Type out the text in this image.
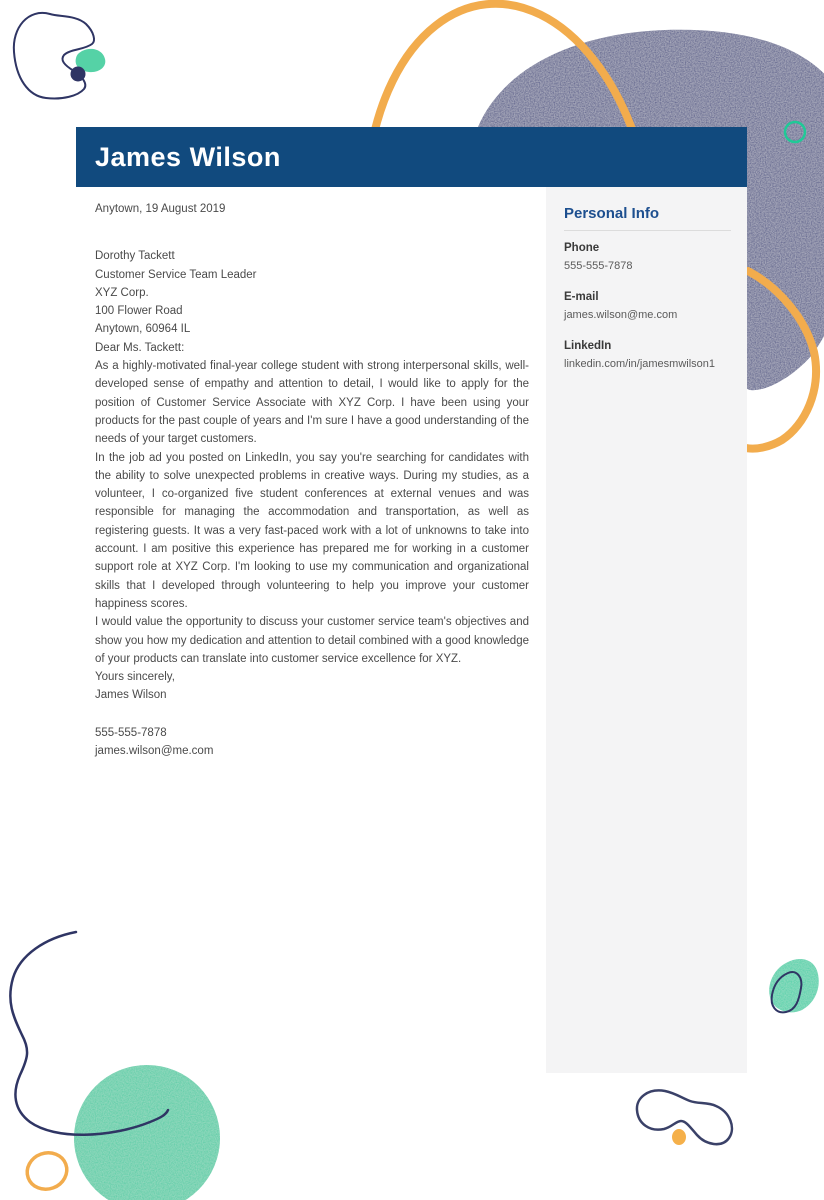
James Wilson
Personal Info
Phone
555-555-7878
E-mail
james.wilson@me.com
LinkedIn
linkedin.com/in/jamesmwilson1

Anytown, 19 August 2019

Dorothy Tackett

Customer Service Team Leader

XYZ Corp.

100 Flower Road

Anytown, 60964 IL

Dear Ms. Tackett:

As a highly-motivated final-year college student with strong interpersonal skills, well-developed sense of empathy and attention to detail, I would like to apply for the position of Customer Service Associate with XYZ Corp. I have been using your products for the past couple of years and I'm sure I have a good understanding of the needs of your target customers.

In the job ad you posted on LinkedIn, you say you're searching for candidates with the ability to solve unexpected problems in creative ways. During my studies, as a volunteer, I co-organized five student conferences at external venues and was responsible for managing the accommodation and transportation, as well as registering guests. It was a very fast-paced work with a lot of unknowns to take into account. I am positive this experience has prepared me for working in a customer support role at XYZ Corp. I'm looking to use my communication and organizational skills that I developed through volunteering to help you improve your customer happiness scores.

I would value the opportunity to discuss your customer service team's objectives and show you how my dedication and attention to detail combined with a good knowledge of your products can translate into customer service excellence for XYZ.

Yours sincerely,

James Wilson

555-555-7878

james.wilson@me.com
